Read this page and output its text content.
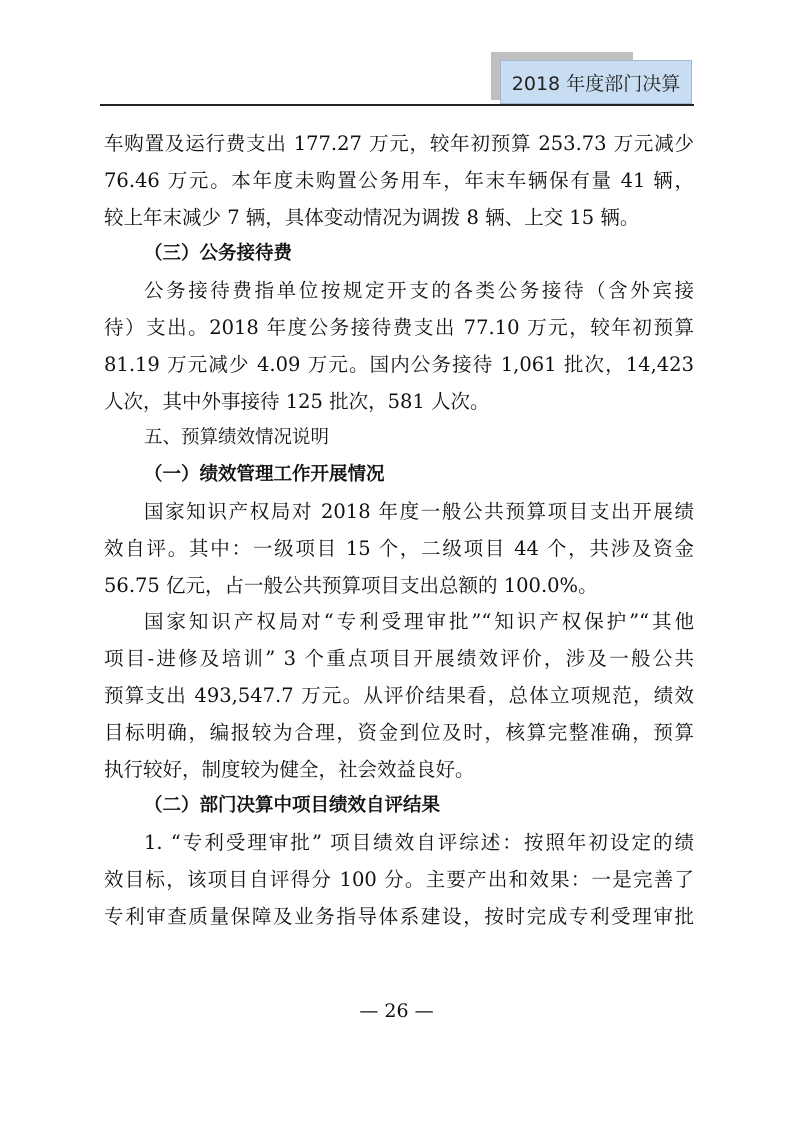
2018 年度部门决算
车购置及运行费支出 177.27 万元，较年初预算 253.73 万元减少
76.46 万元。本年度未购置公务用车，年末车辆保有量 41 辆，
较上年末减少 7 辆，具体变动情况为调拨 8 辆、上交 15 辆。
（三）公务接待费
公务接待费指单位按规定开支的各类公务接待（含外宾接
待）支出。2018 年度公务接待费支出 77.10 万元，较年初预算
81.19 万元减少 4.09 万元。国内公务接待 1,061 批次，14,423
人次，其中外事接待 125 批次，581 人次。
五、预算绩效情况说明
（一）绩效管理工作开展情况
国家知识产权局对 2018 年度一般公共预算项目支出开展绩
效自评。其中：一级项目 15 个，二级项目 44 个，共涉及资金
56.75 亿元，占一般公共预算项目支出总额的 100.0%。
国家知识产权局对“专利受理审批”“知识产权保护”“其他
项目-进修及培训” 3 个重点项目开展绩效评价，涉及一般公共
预算支出 493,547.7 万元。从评价结果看，总体立项规范，绩效
目标明确，编报较为合理，资金到位及时，核算完整准确，预算
执行较好，制度较为健全，社会效益良好。
（二）部门决算中项目绩效自评结果
1. “专利受理审批” 项目绩效自评综述：按照年初设定的绩
效目标，该项目自评得分 100 分。主要产出和效果：一是完善了
专利审查质量保障及业务指导体系建设，按时完成专利受理审批
— 26 —
